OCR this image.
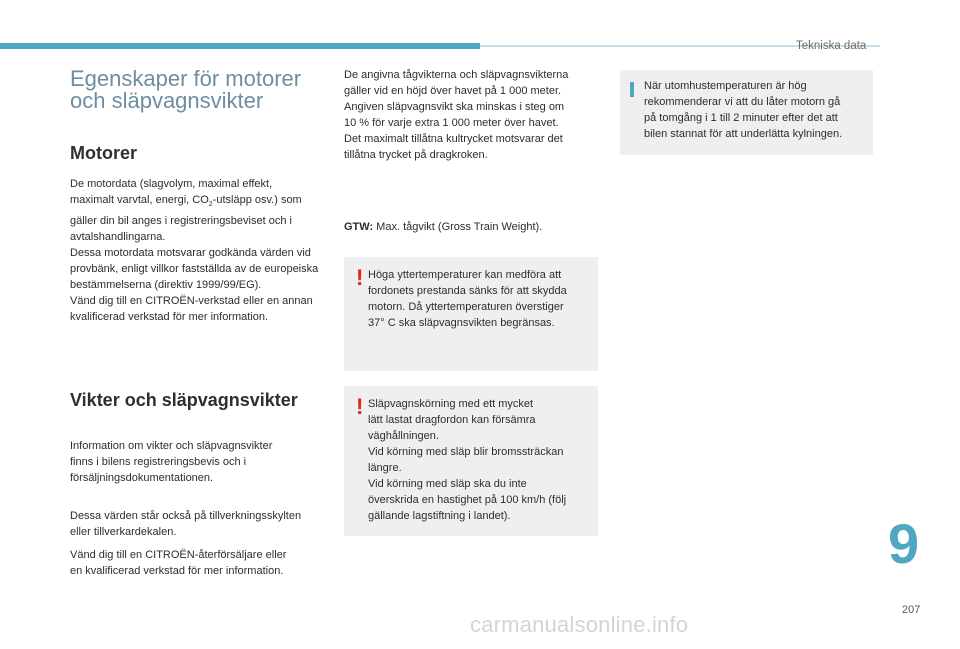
Tekniska data
Egenskaper för motorer
och släpvagnsvikter
Motorer
De motordata (slagvolym, maximal effekt,
maximalt varvtal, energi, $CO_2$-utsläpp osv.) som
gäller din bil anges i registreringsbeviset och i
avtalshandlingarna.
Dessa motordata motsvarar godkända värden vid
provbänk, enligt villkor fastställda av de europeiska
bestämmelserna (direktiv 1999/99/EG).
Vänd dig till en CITROËN-verkstad eller en annan
kvalificerad verkstad för mer information.
Vikter och släpvagnsvikter
Information om vikter och släpvagnsvikter
finns i bilens registreringsbevis och i
försäljningsdokumentationen.
Dessa värden står också på tillverkningsskylten
eller tillverkardekalen.
Vänd dig till en CITROËN-återförsäljare eller
en kvalificerad verkstad för mer information.
De angivna tågvikterna och släpvagnsvikterna
gäller vid en höjd över havet på 1 000 meter.
Angiven släpvagnsvikt ska minskas i steg om
10 % för varje extra 1 000 meter över havet.
Det maximalt tillåtna kultrycket motsvarar det
tillåtna trycket på dragkroken.
GTW: Max. tågvikt (Gross Train Weight).
! Höga yttertemperaturer kan medföra att
fordonets prestanda sänks för att skydda
motorn. Då yttertemperaturen överstiger
37° C ska släpvagnsvikten begränsas.
! Släpvagnskörning med ett mycket
lätt lastat dragfordon kan försämra
väghållningen.
Vid körning med släp blir bromssträckan
längre.
Vid körning med släp ska du inte
överskrida en hastighet på 100 km/h (följ
gällande lagstiftning i landet).
När utomhustemperaturen är hög
rekommenderar vi att du låter motorn gå
på tomgång i 1 till 2 minuter efter det att
bilen stannat för att underlätta kylningen.
9
207
carmanualsonline.info
